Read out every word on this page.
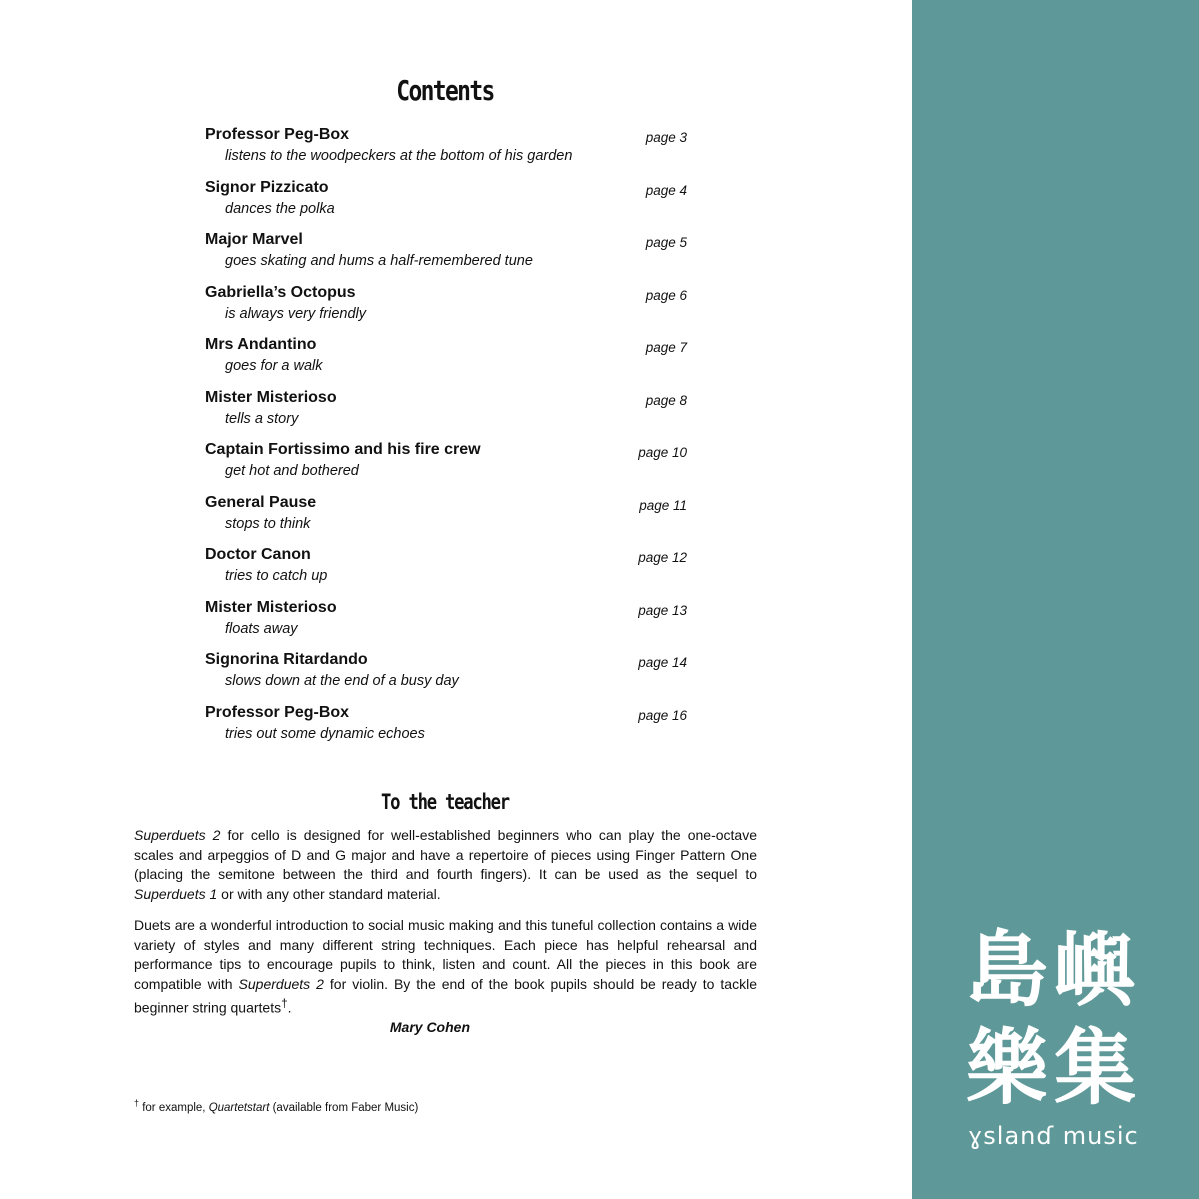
Contents
Professor Peg-Box
listens to the woodpeckers at the bottom of his garden
page 3
Signor Pizzicato
dances the polka
page 4
Major Marvel
goes skating and hums a half-remembered tune
page 5
Gabriella’s Octopus
is always very friendly
page 6
Mrs Andantino
goes for a walk
page 7
Mister Misterioso
tells a story
page 8
Captain Fortissimo and his fire crew
get hot and bothered
page 10
General Pause
stops to think
page 11
Doctor Canon
tries to catch up
page 12
Mister Misterioso
floats away
page 13
Signorina Ritardando
slows down at the end of a busy day
page 14
Professor Peg-Box
tries out some dynamic echoes
page 16
To the teacher

Superduets 2 for cello is designed for well-established beginners who can play the one-octave scales and arpeggios of D and G major and have a repertoire of pieces using Finger Pattern One (placing the semitone between the third and fourth fingers). It can be used as the sequel to Superduets 1 or with any other standard material.

Duets are a wonderful introduction to social music making and this tuneful collection contains a wide variety of styles and many different string techniques. Each piece has helpful rehearsal and performance tips to encourage pupils to think, listen and count. All the pieces in this book are compatible with Superduets 2 for violin. By the end of the book pupils should be ready to tackle beginner string quartets†.

Mary Cohen
† for example, Quartetstart (available from Faber Music)
島 嶼
樂 集
ɣslanɗ music
